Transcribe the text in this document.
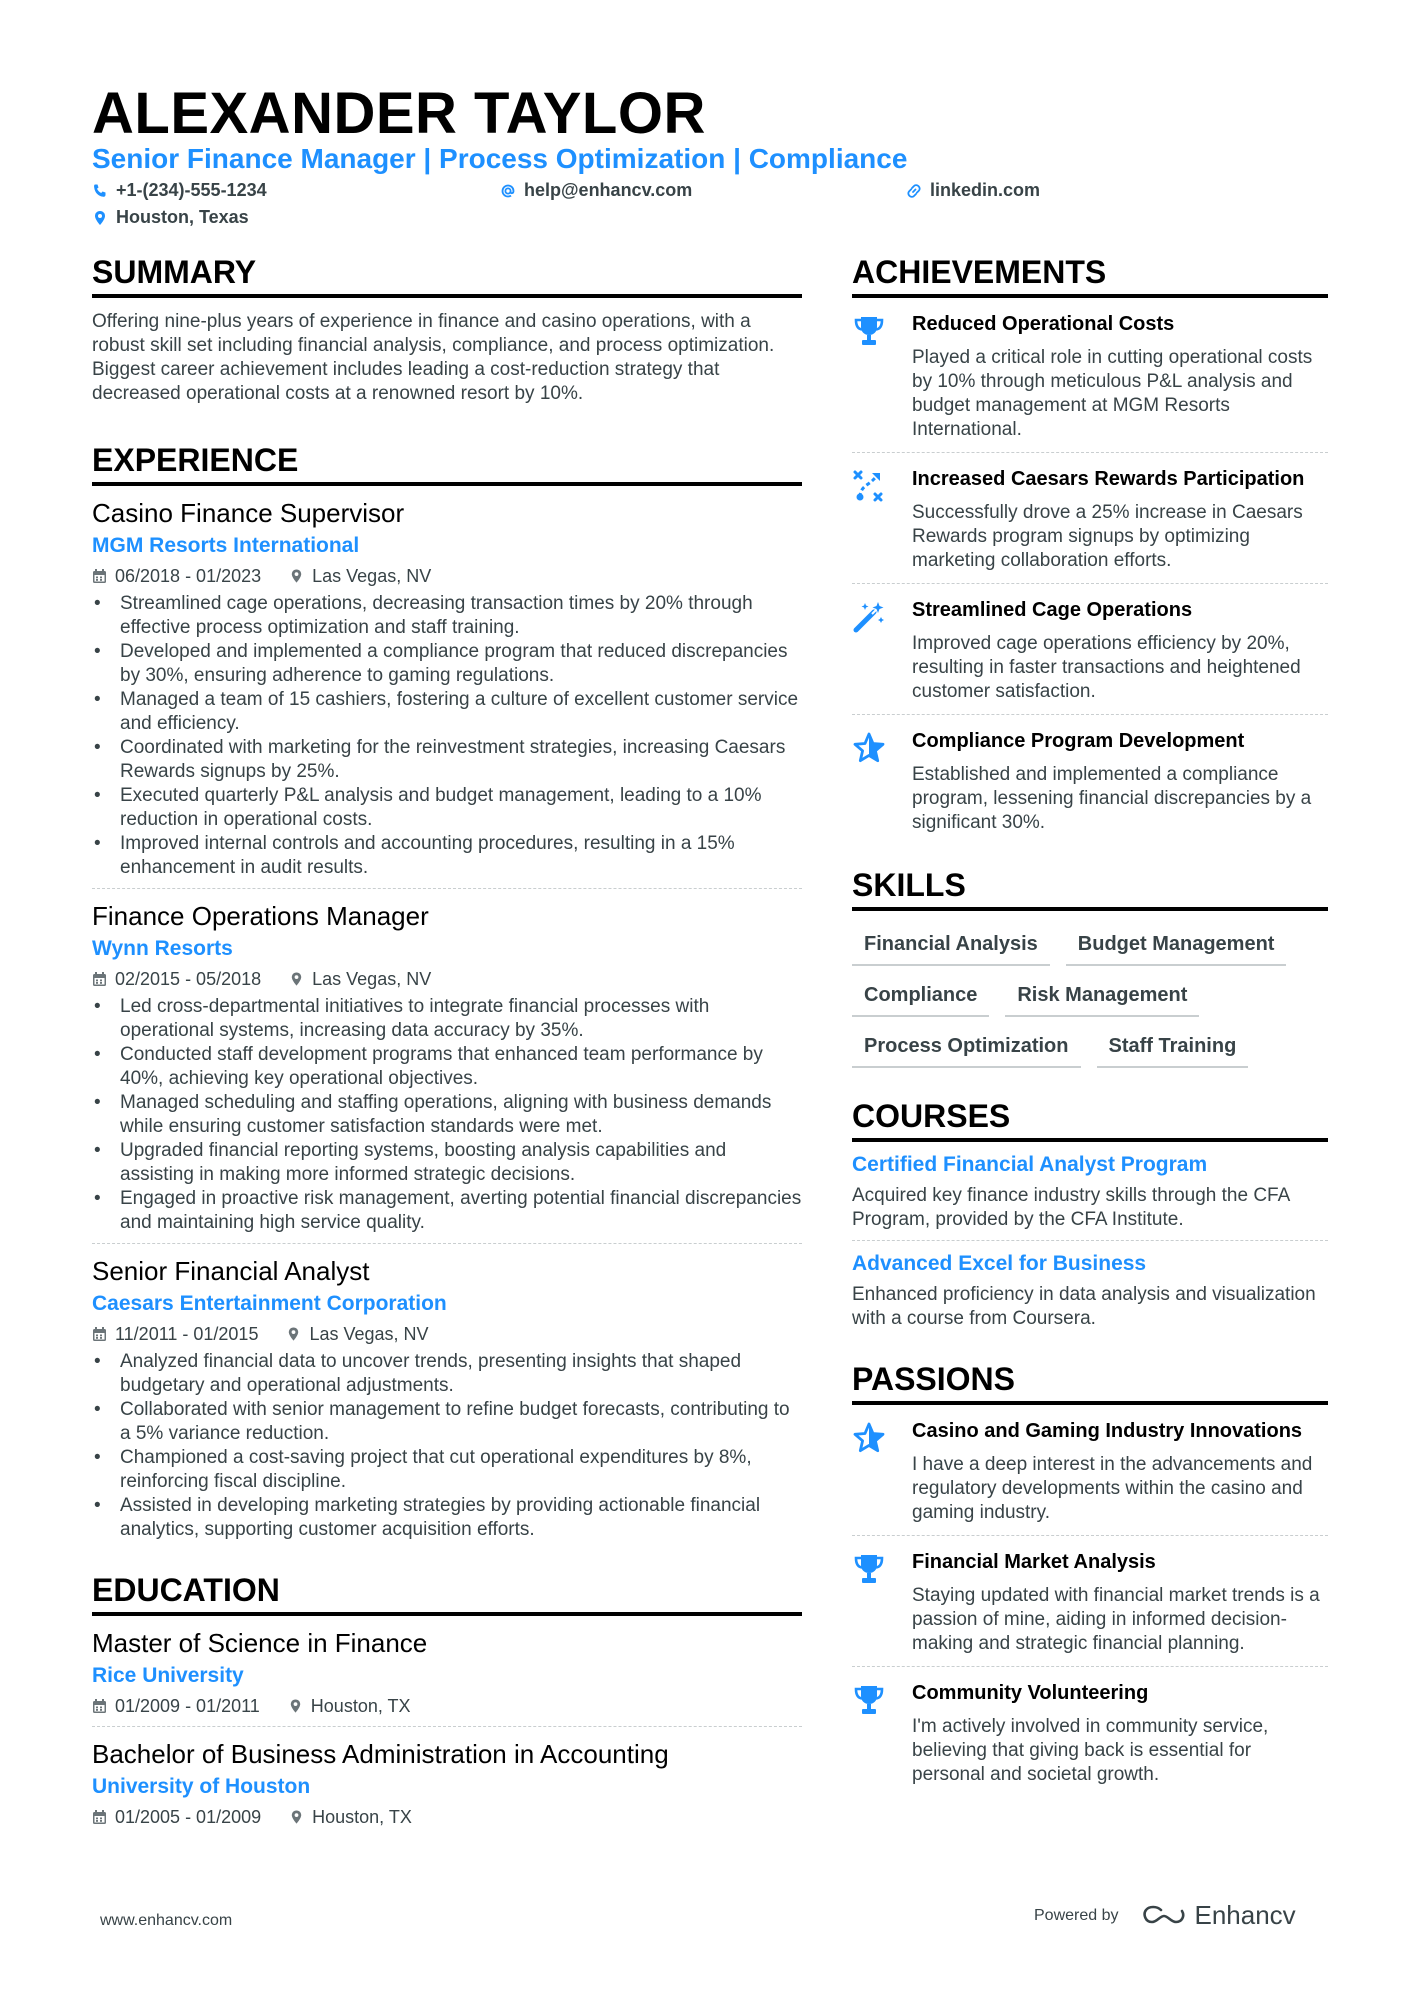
ALEXANDER TAYLOR
Senior Finance Manager | Process Optimization | Compliance
+1-(234)-555-1234	help@enhancv.com	linkedin.com
Houston, Texas
SUMMARY
Offering nine-plus years of experience in finance and casino operations, with a robust skill set including financial analysis, compliance, and process optimization. Biggest career achievement includes leading a cost-reduction strategy that decreased operational costs at a renowned resort by 10%.
EXPERIENCE
Casino Finance Supervisor
MGM Resorts International
06/2018 - 01/2023	Las Vegas, NV
• Streamlined cage operations, decreasing transaction times by 20% through effective process optimization and staff training.
• Developed and implemented a compliance program that reduced discrepancies by 30%, ensuring adherence to gaming regulations.
• Managed a team of 15 cashiers, fostering a culture of excellent customer service and efficiency.
• Coordinated with marketing for the reinvestment strategies, increasing Caesars Rewards signups by 25%.
• Executed quarterly P&L analysis and budget management, leading to a 10% reduction in operational costs.
• Improved internal controls and accounting procedures, resulting in a 15% enhancement in audit results.
Finance Operations Manager
Wynn Resorts
02/2015 - 05/2018	Las Vegas, NV
• Led cross-departmental initiatives to integrate financial processes with operational systems, increasing data accuracy by 35%.
• Conducted staff development programs that enhanced team performance by 40%, achieving key operational objectives.
• Managed scheduling and staffing operations, aligning with business demands while ensuring customer satisfaction standards were met.
• Upgraded financial reporting systems, boosting analysis capabilities and assisting in making more informed strategic decisions.
• Engaged in proactive risk management, averting potential financial discrepancies and maintaining high service quality.
Senior Financial Analyst
Caesars Entertainment Corporation
11/2011 - 01/2015	Las Vegas, NV
• Analyzed financial data to uncover trends, presenting insights that shaped budgetary and operational adjustments.
• Collaborated with senior management to refine budget forecasts, contributing to a 5% variance reduction.
• Championed a cost-saving project that cut operational expenditures by 8%, reinforcing fiscal discipline.
• Assisted in developing marketing strategies by providing actionable financial analytics, supporting customer acquisition efforts.
EDUCATION
Master of Science in Finance
Rice University
01/2009 - 01/2011	Houston, TX
Bachelor of Business Administration in Accounting
University of Houston
01/2005 - 01/2009	Houston, TX
ACHIEVEMENTS
Reduced Operational Costs
Played a critical role in cutting operational costs by 10% through meticulous P&L analysis and budget management at MGM Resorts International.
Increased Caesars Rewards Participation
Successfully drove a 25% increase in Caesars Rewards program signups by optimizing marketing collaboration efforts.
Streamlined Cage Operations
Improved cage operations efficiency by 20%, resulting in faster transactions and heightened customer satisfaction.
Compliance Program Development
Established and implemented a compliance program, lessening financial discrepancies by a significant 30%.
SKILLS
Financial Analysis	Budget Management
Compliance	Risk Management
Process Optimization	Staff Training
COURSES
Certified Financial Analyst Program
Acquired key finance industry skills through the CFA Program, provided by the CFA Institute.
Advanced Excel for Business
Enhanced proficiency in data analysis and visualization with a course from Coursera.
PASSIONS
Casino and Gaming Industry Innovations
I have a deep interest in the advancements and regulatory developments within the casino and gaming industry.
Financial Market Analysis
Staying updated with financial market trends is a passion of mine, aiding in informed decision-making and strategic financial planning.
Community Volunteering
I'm actively involved in community service, believing that giving back is essential for personal and societal growth.
www.enhancv.com	Powered by	Enhancv
